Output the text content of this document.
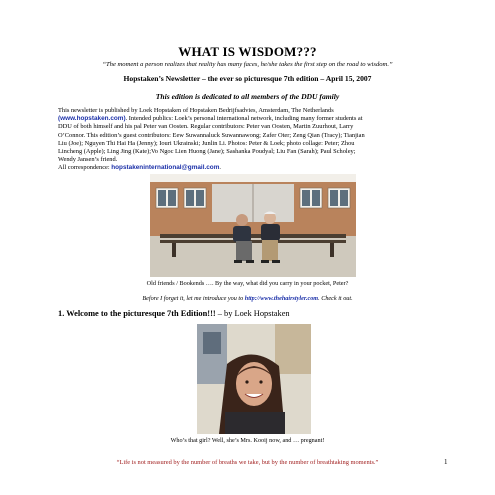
WHAT IS WISDOM???
“The moment a person realizes that reality has many faces, he/she takes the first step on the road to wisdom.”
Hopstaken’s Newsletter – the ever so picturesque 7th edition – April 15, 2007
This edition is dedicated to all members of the DDU family
This newsletter is published by Loek Hopstaken of Hopstaken Bedrijfsadvies, Amsterdam, The Netherlands
(www.hopstaken.com). Intended publics: Loek’s personal international network, including many former students at
DDU of both himself and his pal Peter van Oosten. Regular contributors: Peter van Oosten, Martin Zuurhout, Larry
O’Connor. This edition’s guest contributors: Eew Suwannaluck Suwannawong; Zafer Oter; Zeng Qian (Tracy); Tianjian
Liu (Joe); Nguyen Thi Hai Ha (Jenny); Iouri Ukrainski; Junlin Li. Photos: Peter & Loek; photo collage: Peter; Zhou
Lincheng (Apple); Ling Jing (Kate);Vo Ngoc Lien Huong (Jane); Sashanka Poudyal; Liu Fan (Sarah); Paul Scholey;
Wendy Jansen’s friend.
All correspondence: hopstakeninternational@gmail.com.
Old friends / Bookends …. By the way, what did you carry in your pocket, Peter?
Before I forget it, let me introduce you to http://www.thehairstyler.com. Check it out.
1. Welcome to the picturesque 7th Edition!!! – by Loek Hopstaken
Who’s that girl? Well, she’s Mrs. Kooij now, and … pregnant!
“Life is not measured by the number of breaths we take, but by the number of breathtaking moments.”	1
